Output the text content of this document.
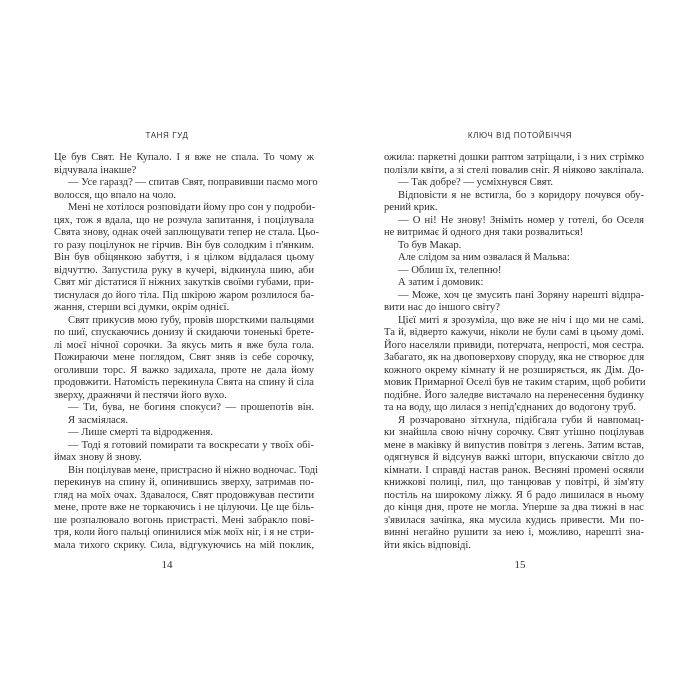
ТАНЯ ГУД
Це був Свят. Не Купало. І я вже не спала. То чому ж
відчувала інакше?
— Усе гаразд? — спитав Свят, поправивши пасмо мого
волосся, що впало на чоло.
Мені не хотілося розповідати йому про сон у подроби-
цях, тож я вдала, що не розчула запитання, і поцілувала
Свята знову, однак очей заплющувати тепер не стала. Цьо-
го разу поцілунок не гірчив. Він був солодким і п'янким.
Він був обіцянкою забуття, і я цілком віддалася цьому
відчуттю. Запустила руку в кучері, відкинула шию, аби
Свят міг дістатися її ніжних закутків своїми губами, при-
тиснулася до його тіла. Під шкірою жаром розлилося ба-
жання, стерши всі думки, окрім однієї.
Свят прикусив мою ґубу, провів шорсткими пальцями
по шиї, спускаючись донизу й скидаючи тоненькі брете-
лі моєї нічної сорочки. За якусь мить я вже була гола.
Пожираючи мене поглядом, Свят зняв із себе сорочку,
оголивши торс. Я важко задихала, проте не дала йому
продовжити. Натомість перекинула Свята на спину й сіла
зверху, дражнячи й пестячи його вухо.
— Ти, бува, не богиня спокуси? — прошепотів він.
Я засміялася.
— Лише смерті та відродження.
— Тоді я готовий помирати та воскресати у твоїх обі-
ймах знову й знову.
Він поцілував мене, пристрасно й ніжно водночас. Тоді
перекинув на спину й, опинившись зверху, затримав по-
гляд на моїх очах. Здавалося, Свят продовжував пестити
мене, проте вже не торкаючись і не цілуючи. Це ще біль-
ше розпалювало вогонь пристрасті. Мені забракло пові-
тря, коли його пальці опинилися між моїх ніг, і я не стри-
мала тихого скрику. Сила, відгукуючись на мій поклик,
14
КЛЮЧ ВІД ПОТОЙБІЧЧЯ
ожила: паркетні дошки раптом затріщали, і з них стрімко
полізли квіти, а зі стелі повалив сніг. Я ніяково закліпала.
— Так добре? — усміхнувся Свят.
Відповісти я не встигла, бо з коридору почувся обу-
рений крик.
— О ні! Не знову! Зніміть номер у готелі, бо Оселя
не витримає й одного дня таки розвалиться!
То був Макар.
Але слідом за ним озвалася й Мальва:
— Облиш їх, телепню!
А затим і домовик:
— Може, хоч це змусить пані Зоряну нарешті відпра-
вити нас до іншого світу?
Цієї миті я зрозуміла, що вже не ніч і що ми не самі.
Та й, відверто кажучи, ніколи не були самі в цьому домі.
Його населяли привиди, потерчата, непрості, моя сестра.
Забагато, як на двоповерхову споруду, яка не створює для
кожного окрему кімнату й не розширяється, як Дім. До-
мовик Примарної Оселі був не таким старим, щоб робити
подібне. Його заледве вистачало на перенесення будинку
та на воду, що лилася з непід'єднаних до водогону труб.
Я розчаровано зітхнула, підібгала губи й навпомац-
ки знайшла свою нічну сорочку. Свят утішно поцілував
мене в маківку й випустив повітря з легень. Затим встав,
одягнувся й відсунув важкі штори, впускаючи світло до
кімнати. І справді настав ранок. Весняні промені осяяли
книжкові полиці, пил, що танцював у повітрі, й зім'яту
постіль на широкому ліжку. Я б радо лишилася в ньому
до кінця дня, проте не могла. Уперше за два тижні в нас
з'явилася зачіпка, яка мусила кудись привести. Ми по-
винні негайно рушити за нею і, можливо, нарешті зна-
йти якісь відповіді.
15
